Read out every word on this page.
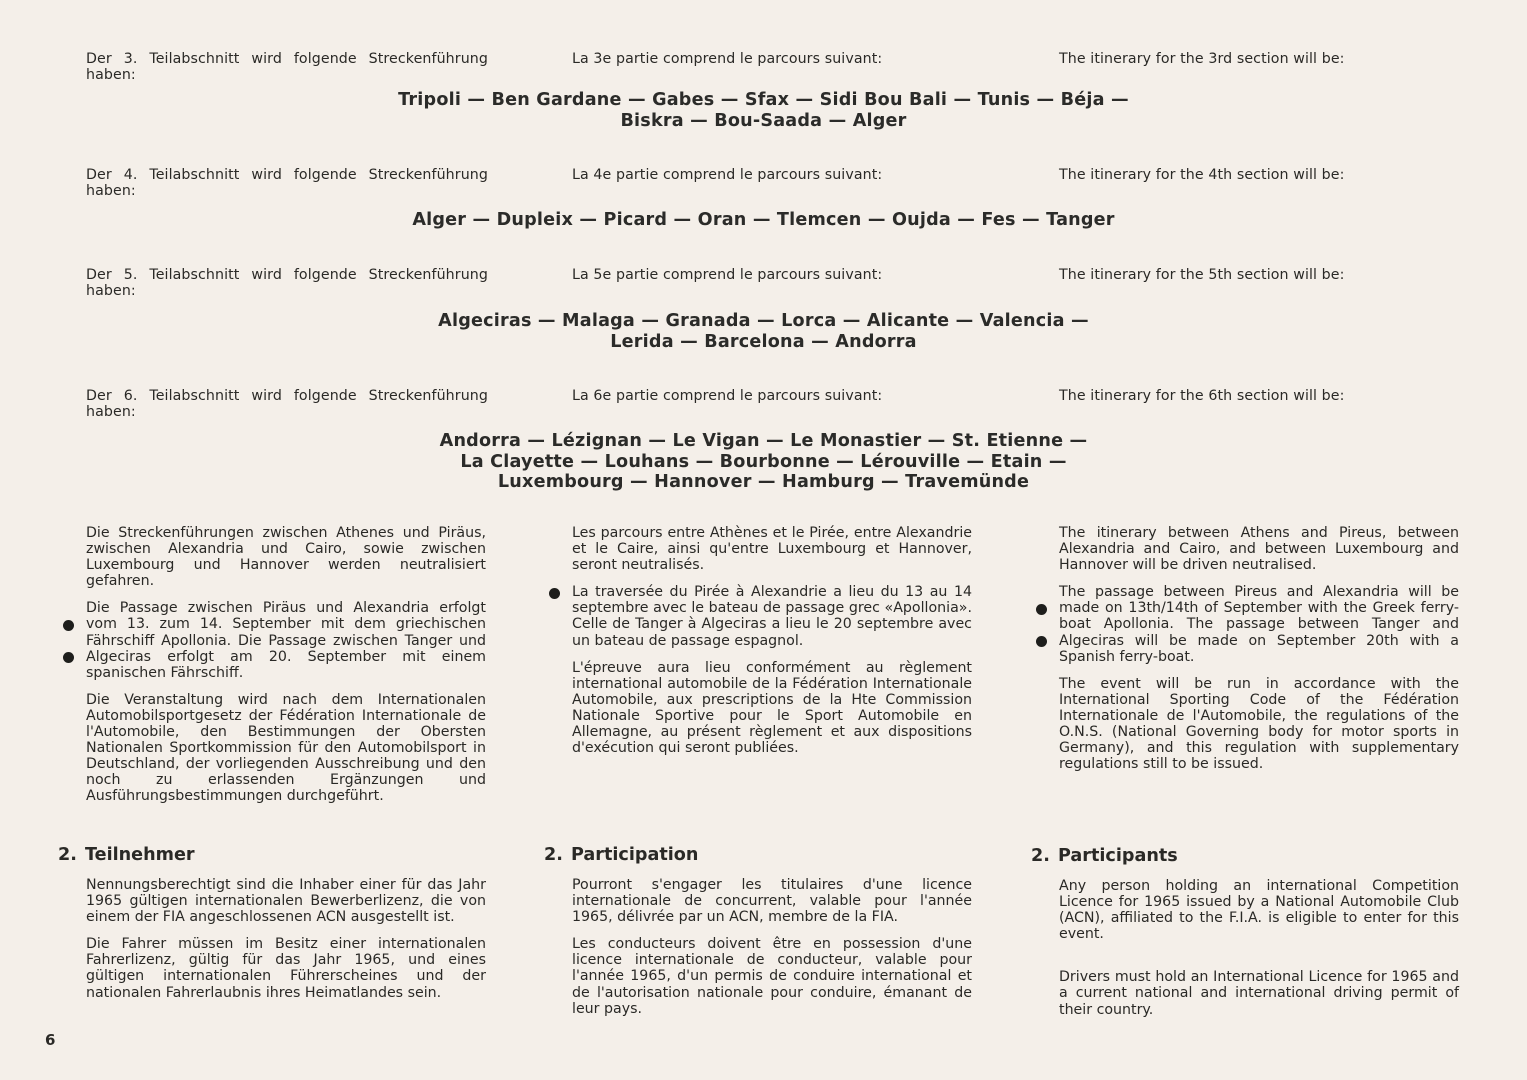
Der 3. Teilabschnitt wird folgende Streckenführung haben:
La 3e partie comprend le parcours suivant:	The itinerary for the 3rd section will be:
Tripoli — Ben Gardane — Gabes — Sfax — Sidi Bou Bali — Tunis — Béja —
Biskra — Bou-Saada — Alger
Der 4. Teilabschnitt wird folgende Streckenführung haben:
La 4e partie comprend le parcours suivant:	The itinerary for the 4th section will be:
Alger — Dupleix — Picard — Oran — Tlemcen — Oujda — Fes — Tanger
Der 5. Teilabschnitt wird folgende Streckenführung haben:
La 5e partie comprend le parcours suivant:	The itinerary for the 5th section will be:
Algeciras — Malaga — Granada — Lorca — Alicante — Valencia —
Lerida — Barcelona — Andorra
Der 6. Teilabschnitt wird folgende Streckenführung haben:
La 6e partie comprend le parcours suivant:	The itinerary for the 6th section will be:
Andorra — Lézignan — Le Vigan — Le Monastier — St. Etienne —
La Clayette — Louhans — Bourbonne — Lérouville — Etain —
Luxembourg — Hannover — Hamburg — Travemünde

Die Streckenführungen zwischen Athenes und Piräus, zwischen Alexandria und Cairo, sowie zwischen Luxembourg und Hannover werden neutralisiert gefahren.

Die Passage zwischen Piräus und Alexandria erfolgt vom 13. zum 14. September mit dem griechischen Fährschiff Apollonia. Die Passage zwischen Tanger und Algeciras erfolgt am 20. September mit einem spanischen Fährschiff.

Die Veranstaltung wird nach dem Internationalen Automobilsportgesetz der Fédération Internationale de l'Automobile, den Bestimmungen der Obersten Nationalen Sportkommission für den Automobilsport in Deutschland, der vorliegenden Ausschreibung und den noch zu erlassenden Ergänzungen und Ausführungsbestimmungen durchgeführt.

Les parcours entre Athènes et le Pirée, entre Alexandrie et le Caire, ainsi qu'entre Luxembourg et Hannover, seront neutralisés.

La traversée du Pirée à Alexandrie a lieu du 13 au 14 septembre avec le bateau de passage grec «Apollonia». Celle de Tanger à Algeciras a lieu le 20 septembre avec un bateau de passage espagnol.

L'épreuve aura lieu conformément au règlement international automobile de la Fédération Internationale Automobile, aux prescriptions de la Hte Commission Nationale Sportive pour le Sport Automobile en Allemagne, au présent règlement et aux dispositions d'exécution qui seront publiées.

The itinerary between Athens and Pireus, between Alexandria and Cairo, and between Luxembourg and Hannover will be driven neutralised.

The passage between Pireus and Alexandria will be made on 13th/14th of September with the Greek ferry-boat Apollonia. The passage between Tanger and Algeciras will be made on September 20th with a Spanish ferry-boat.

The event will be run in accordance with the International Sporting Code of the Fédération Internationale de l'Automobile, the regulations of the O.N.S. (National Governing body for motor sports in Germany), and this regulation with supplementary regulations still to be issued.

2. Teilnehmer	2. Participation	2. Participants

Nennungsberechtigt sind die Inhaber einer für das Jahr 1965 gültigen internationalen Bewerberlizenz, die von einem der FIA angeschlossenen ACN ausgestellt ist.

Die Fahrer müssen im Besitz einer internationalen Fahrerlizenz, gültig für das Jahr 1965, und eines gültigen internationalen Führerscheines und der nationalen Fahrerlaubnis ihres Heimatlandes sein.

Pourront s'engager les titulaires d'une licence internationale de concurrent, valable pour l'année 1965, délivrée par un ACN, membre de la FIA.

Les conducteurs doivent être en possession d'une licence internationale de conducteur, valable pour l'année 1965, d'un permis de conduire international et de l'autorisation nationale pour conduire, émanant de leur pays.

Any person holding an international Competition Licence for 1965 issued by a National Automobile Club (ACN), affiliated to the F.I.A. is eligible to enter for this event.

Drivers must hold an International Licence for 1965 and a current national and international driving permit of their country.

6
